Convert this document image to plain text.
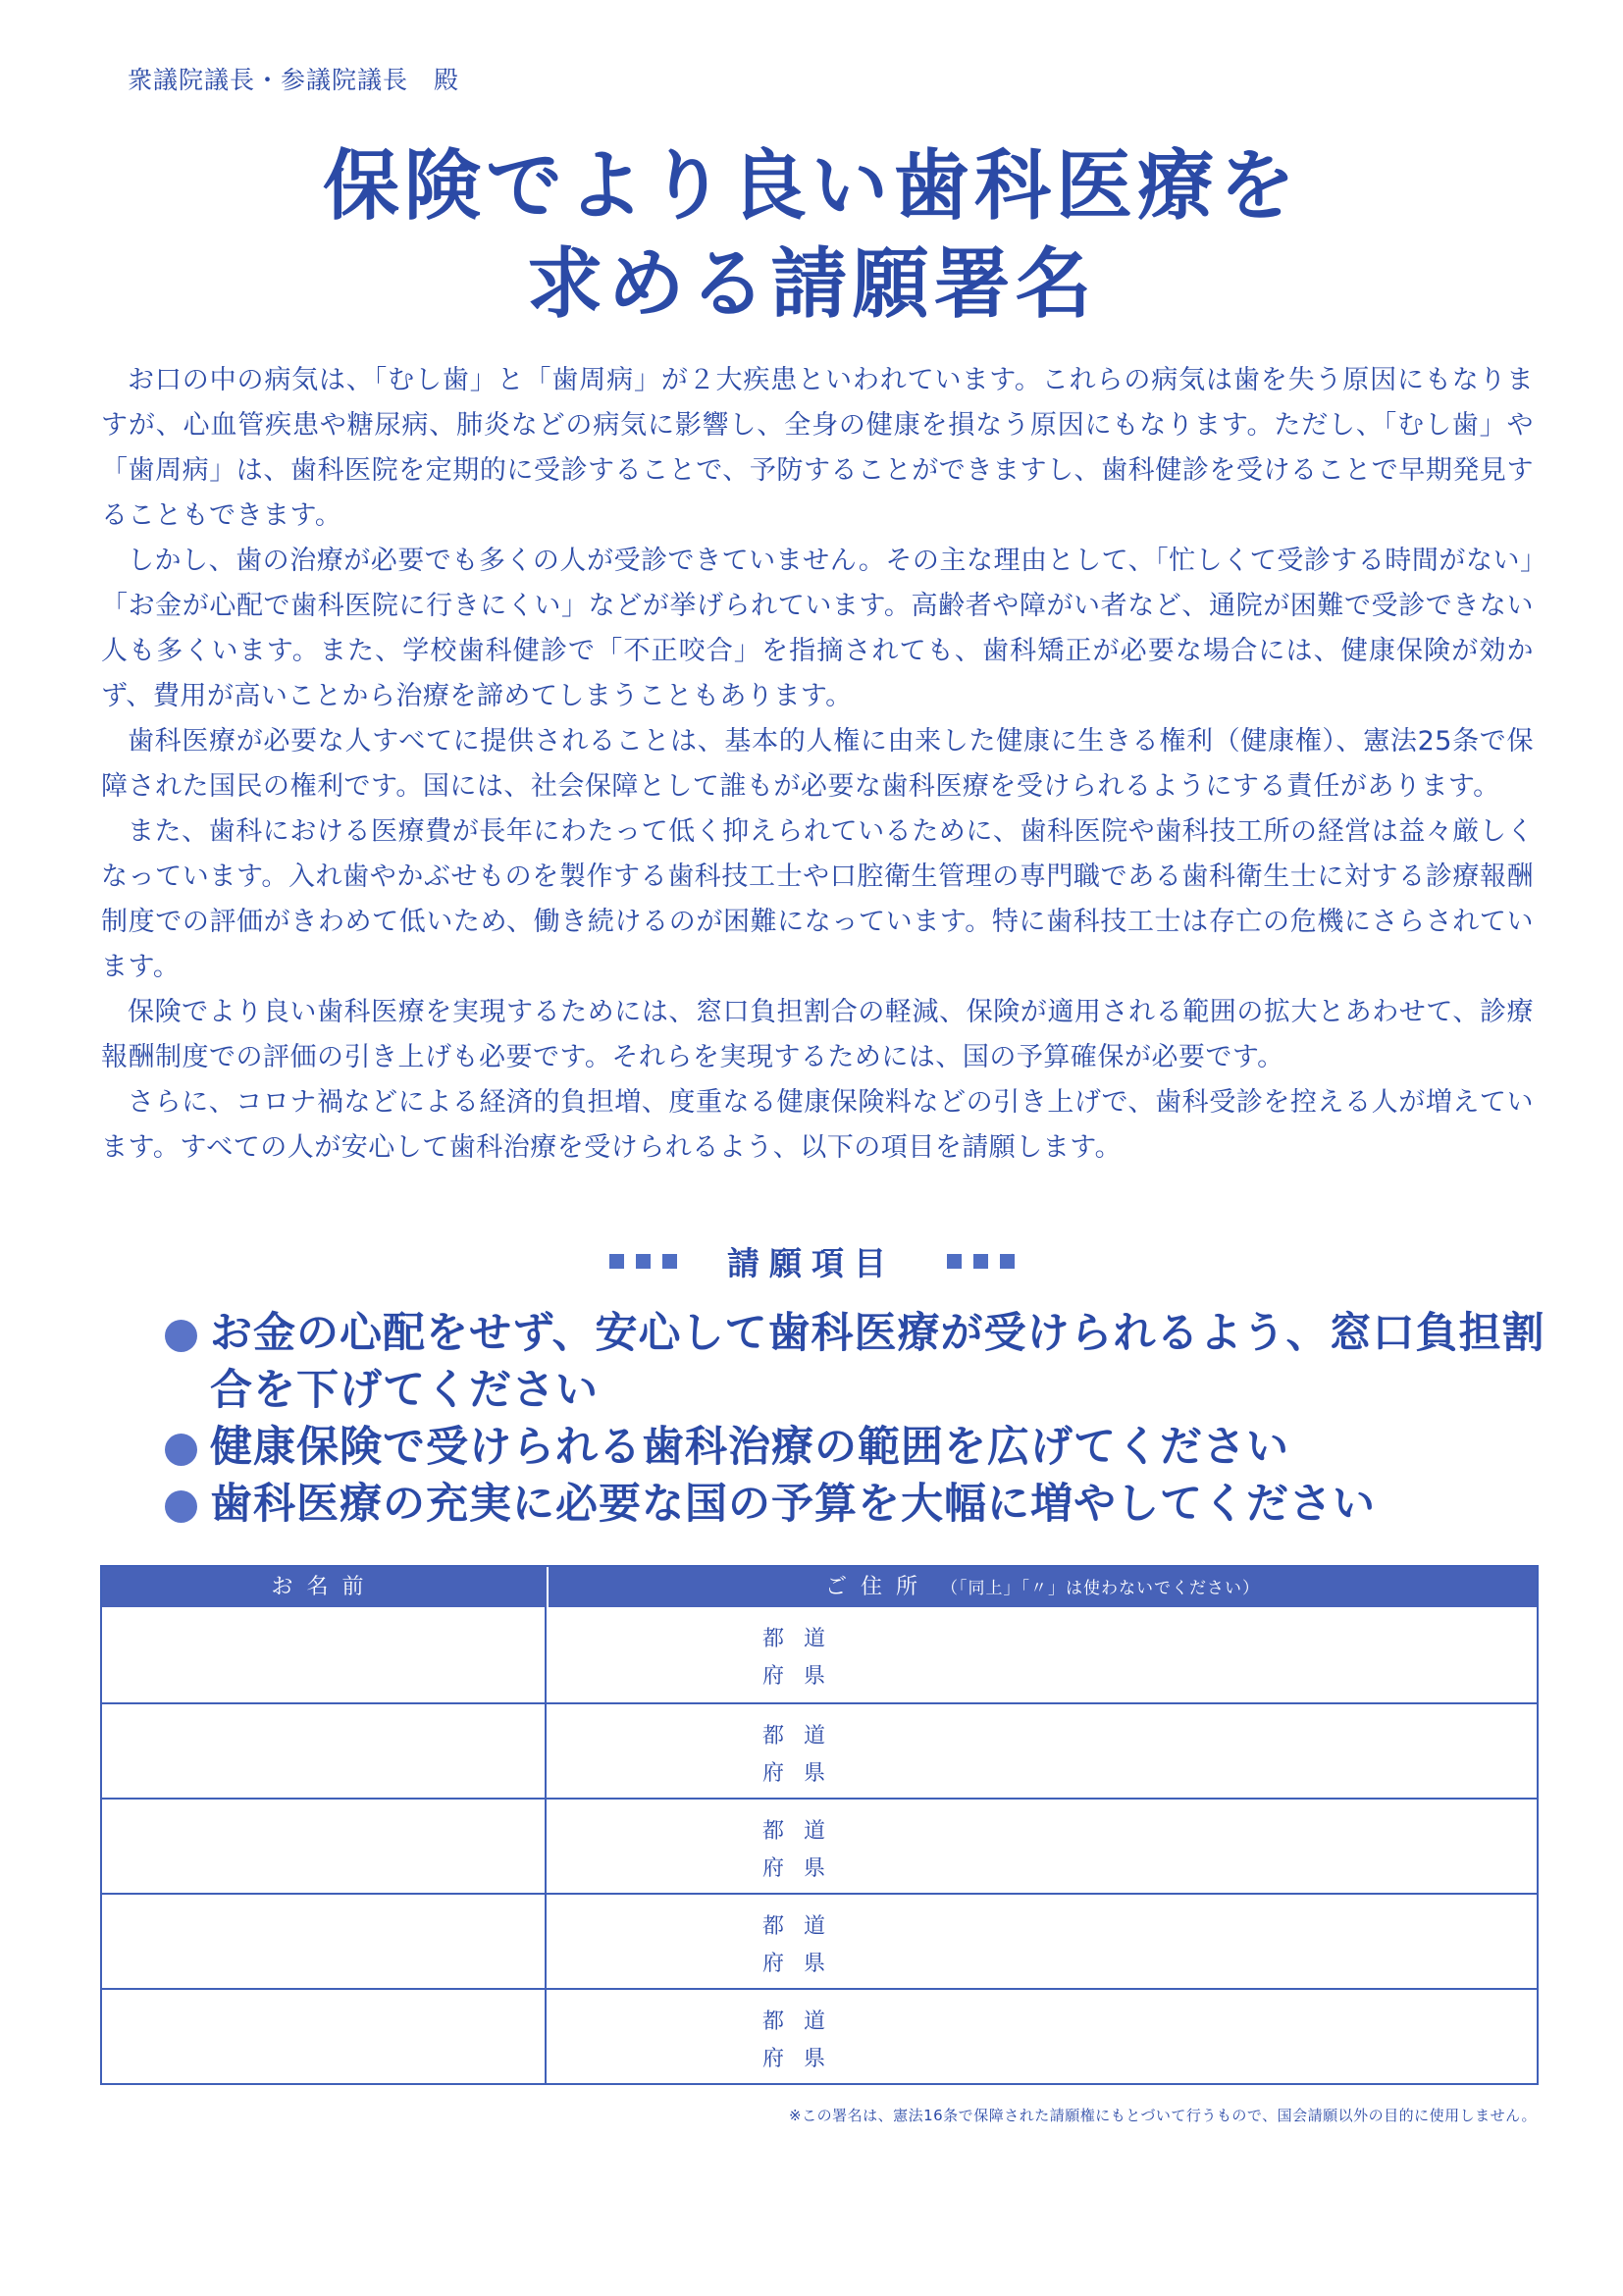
衆議院議長・参議院議長　殿
保険でより良い歯科医療を
求める請願署名

お口の中の病気は、「むし歯」と「歯周病」が２大疾患といわれています。これらの病気は歯を失う原因にもなりますが、心血管疾患や糖尿病、肺炎などの病気に影響し、全身の健康を損なう原因にもなります。ただし、「むし歯」や「歯周病」は、歯科医院を定期的に受診することで、予防することができますし、歯科健診を受けることで早期発見することもできます。

しかし、歯の治療が必要でも多くの人が受診できていません。その主な理由として、「忙しくて受診する時間がない」「お金が心配で歯科医院に行きにくい」などが挙げられています。高齢者や障がい者など、通院が困難で受診できない人も多くいます。また、学校歯科健診で「不正咬合」を指摘されても、歯科矯正が必要な場合には、健康保険が効かず、費用が高いことから治療を諦めてしまうこともあります。

歯科医療が必要な人すべてに提供されることは、基本的人権に由来した健康に生きる権利（健康権）、憲法25条で保障された国民の権利です。国には、社会保障として誰もが必要な歯科医療を受けられるようにする責任があります。

また、歯科における医療費が長年にわたって低く抑えられているために、歯科医院や歯科技工所の経営は益々厳しくなっています。入れ歯やかぶせものを製作する歯科技工士や口腔衛生管理の専門職である歯科衛生士に対する診療報酬制度での評価がきわめて低いため、働き続けるのが困難になっています。特に歯科技工士は存亡の危機にさらされています。

保険でより良い歯科医療を実現するためには、窓口負担割合の軽減、保険が適用される範囲の拡大とあわせて、診療報酬制度での評価の引き上げも必要です。それらを実現するためには、国の予算確保が必要です。

さらに、コロナ禍などによる経済的負担増、度重なる健康保険料などの引き上げで、歯科受診を控える人が増えています。すべての人が安心して歯科治療を受けられるよう、以下の項目を請願します。

請願項目
お金の心配をせず、安心して歯科医療が受けられるよう、窓口負担割合を下げてください
健康保険で受けられる歯科治療の範囲を広げてください
歯科医療の充実に必要な国の予算を大幅に増やしてください
お名前	ご住所 （「同上」「〃」は使わないでください）
都道
府県
都道
府県
都道
府県
都道
府県
都道
府県
※この署名は、憲法16条で保障された請願権にもとづいて行うもので、国会請願以外の目的に使用しません。
